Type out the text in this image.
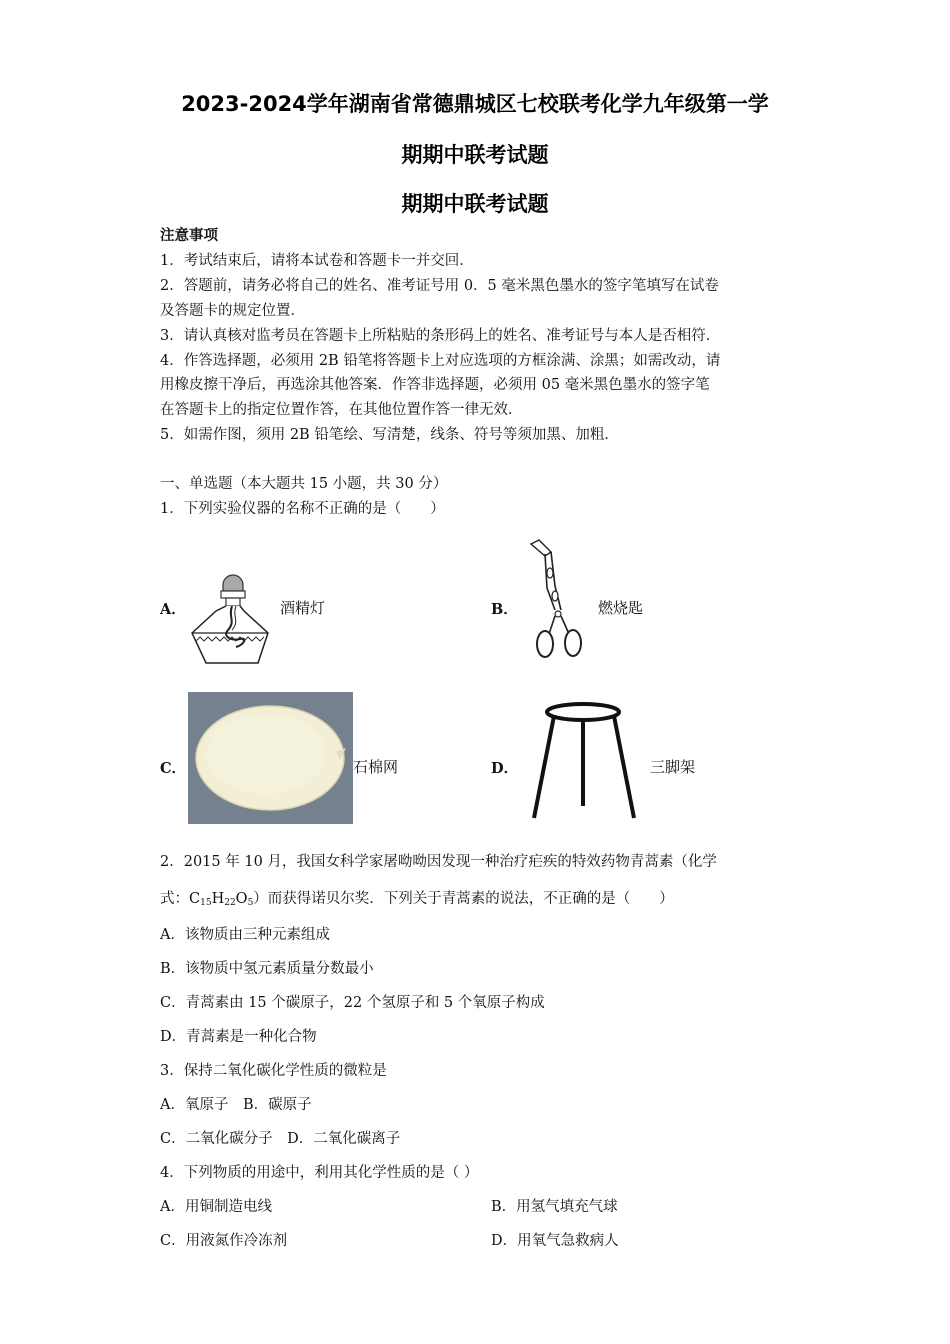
2023-2024学年湖南省常德鼎城区七校联考化学九年级第一学
期期中联考试题
期期中联考试题
注意事项
1．考试结束后，请将本试卷和答题卡一并交回．
2．答题前，请务必将自己的姓名、准考证号用 0．5 毫米黑色墨水的签字笔填写在试卷
及答题卡的规定位置．
3．请认真核对监考员在答题卡上所粘贴的条形码上的姓名、准考证号与本人是否相符．
4．作答选择题，必须用 2B 铅笔将答题卡上对应选项的方框涂满、涂黑；如需改动，请
用橡皮擦干净后，再选涂其他答案．作答非选择题，必须用 05 毫米黑色墨水的签字笔
在答题卡上的指定位置作答，在其他位置作答一律无效．
5．如需作图，须用 2B 铅笔绘、写清楚，线条、符号等须加黑、加粗．
一、单选题（本大题共 15 小题，共 30 分）
1．下列实验仪器的名称不正确的是（　　）
A．	酒精灯	B．	燃烧匙
C．	石棉网	D．	三脚架
2．2015 年 10 月，我国女科学家屠呦呦因发现一种治疗疟疾的特效药物青蒿素（化学
式：$C_{15}H_{22}O_5$）而获得诺贝尔奖．下列关于青蒿素的说法，不正确的是（　　）
A．该物质由三种元素组成
B．该物质中氢元素质量分数最小
C．青蒿素由 15 个碳原子，22 个氢原子和 5 个氧原子构成
D．青蒿素是一种化合物
3．保持二氧化碳化学性质的微粒是
A．氧原子　B．碳原子
C．二氧化碳分子　D．二氧化碳离子
4．下列物质的用途中，利用其化学性质的是（ ）
A．用铜制造电线	B．用氢气填充气球
C．用液氮作冷冻剂	D．用氧气急救病人
